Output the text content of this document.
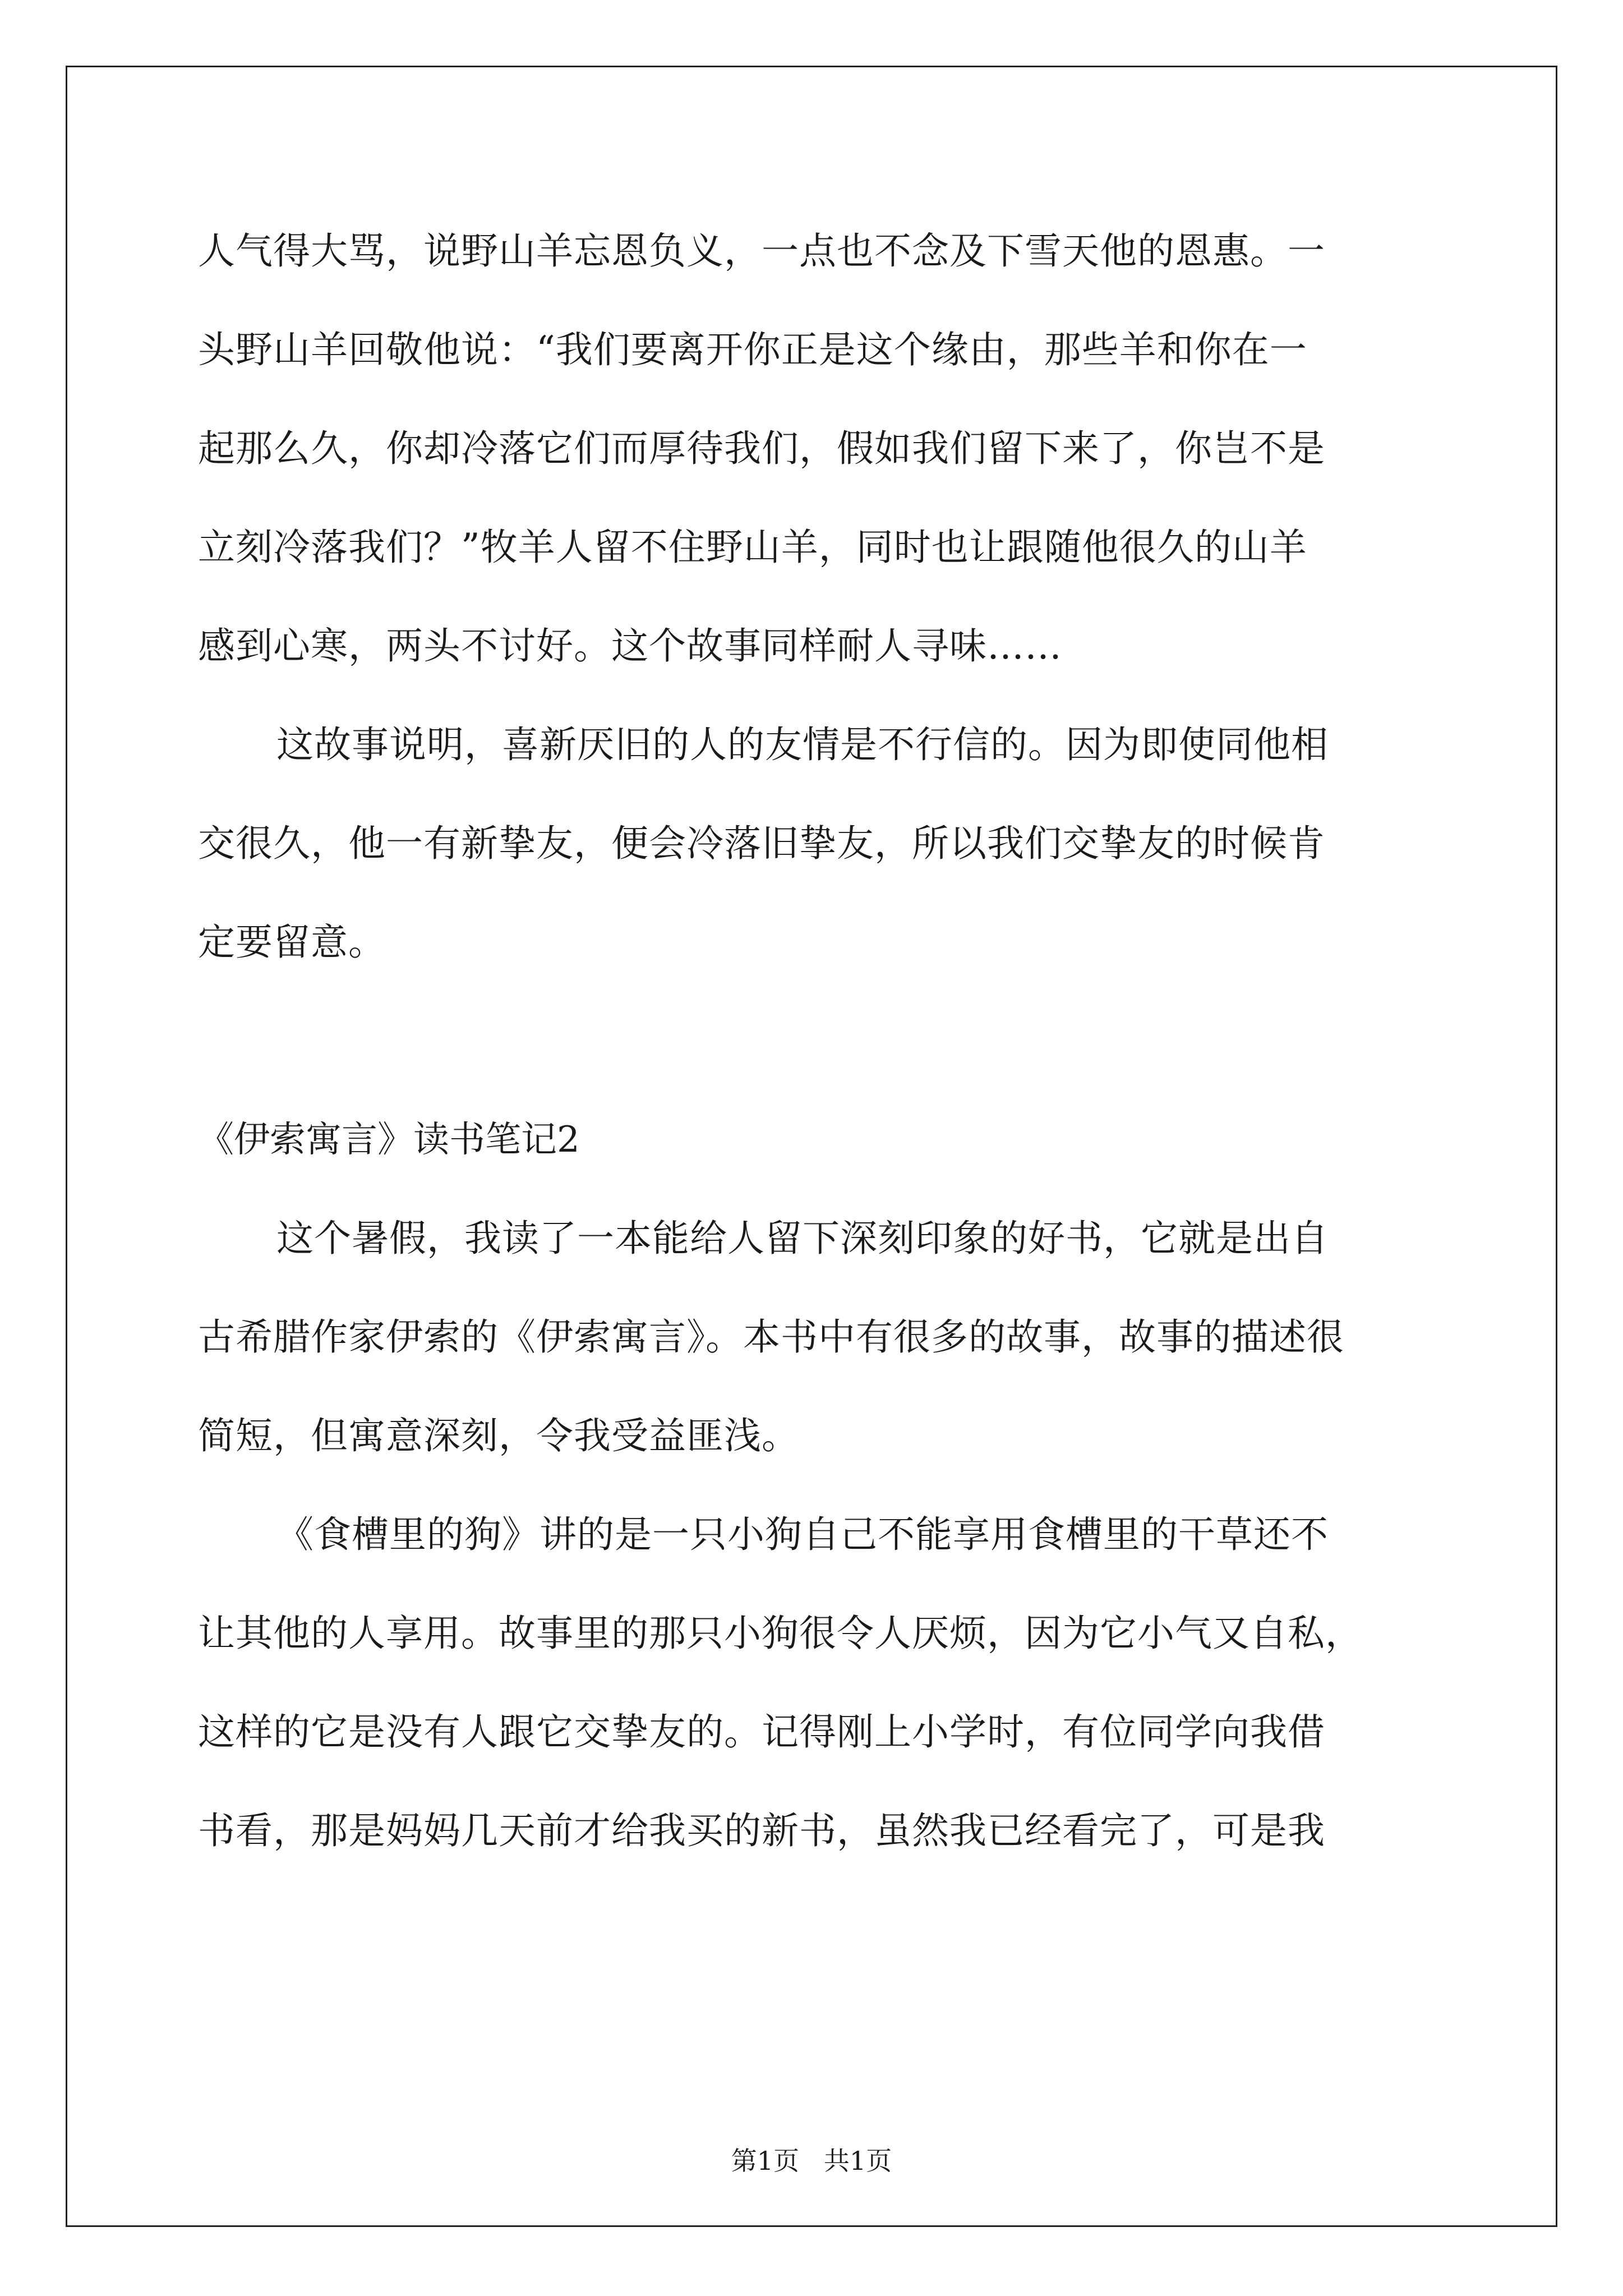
人气得大骂，说野山羊忘恩负义，一点也不念及下雪天他的恩惠。一
头野山羊回敬他说：“我们要离开你正是这个缘由，那些羊和你在一
起那么久，你却冷落它们而厚待我们，假如我们留下来了，你岂不是
立刻冷落我们？”牧羊人留不住野山羊，同时也让跟随他很久的山羊
感到心寒，两头不讨好。这个故事同样耐人寻味……
这故事说明，喜新厌旧的人的友情是不行信的。因为即使同他相
交很久，他一有新挚友，便会冷落旧挚友，所以我们交挚友的时候肯
定要留意。
《伊索寓言》读书笔记2
这个暑假，我读了一本能给人留下深刻印象的好书，它就是出自
古希腊作家伊索的《伊索寓言》。本书中有很多的故事，故事的描述很
简短，但寓意深刻，令我受益匪浅。
《食槽里的狗》讲的是一只小狗自己不能享用食槽里的干草还不
让其他的人享用。故事里的那只小狗很令人厌烦，因为它小气又自私，
这样的它是没有人跟它交挚友的。记得刚上小学时，有位同学向我借
书看，那是妈妈几天前才给我买的新书，虽然我已经看完了，可是我
第1页   共1页
